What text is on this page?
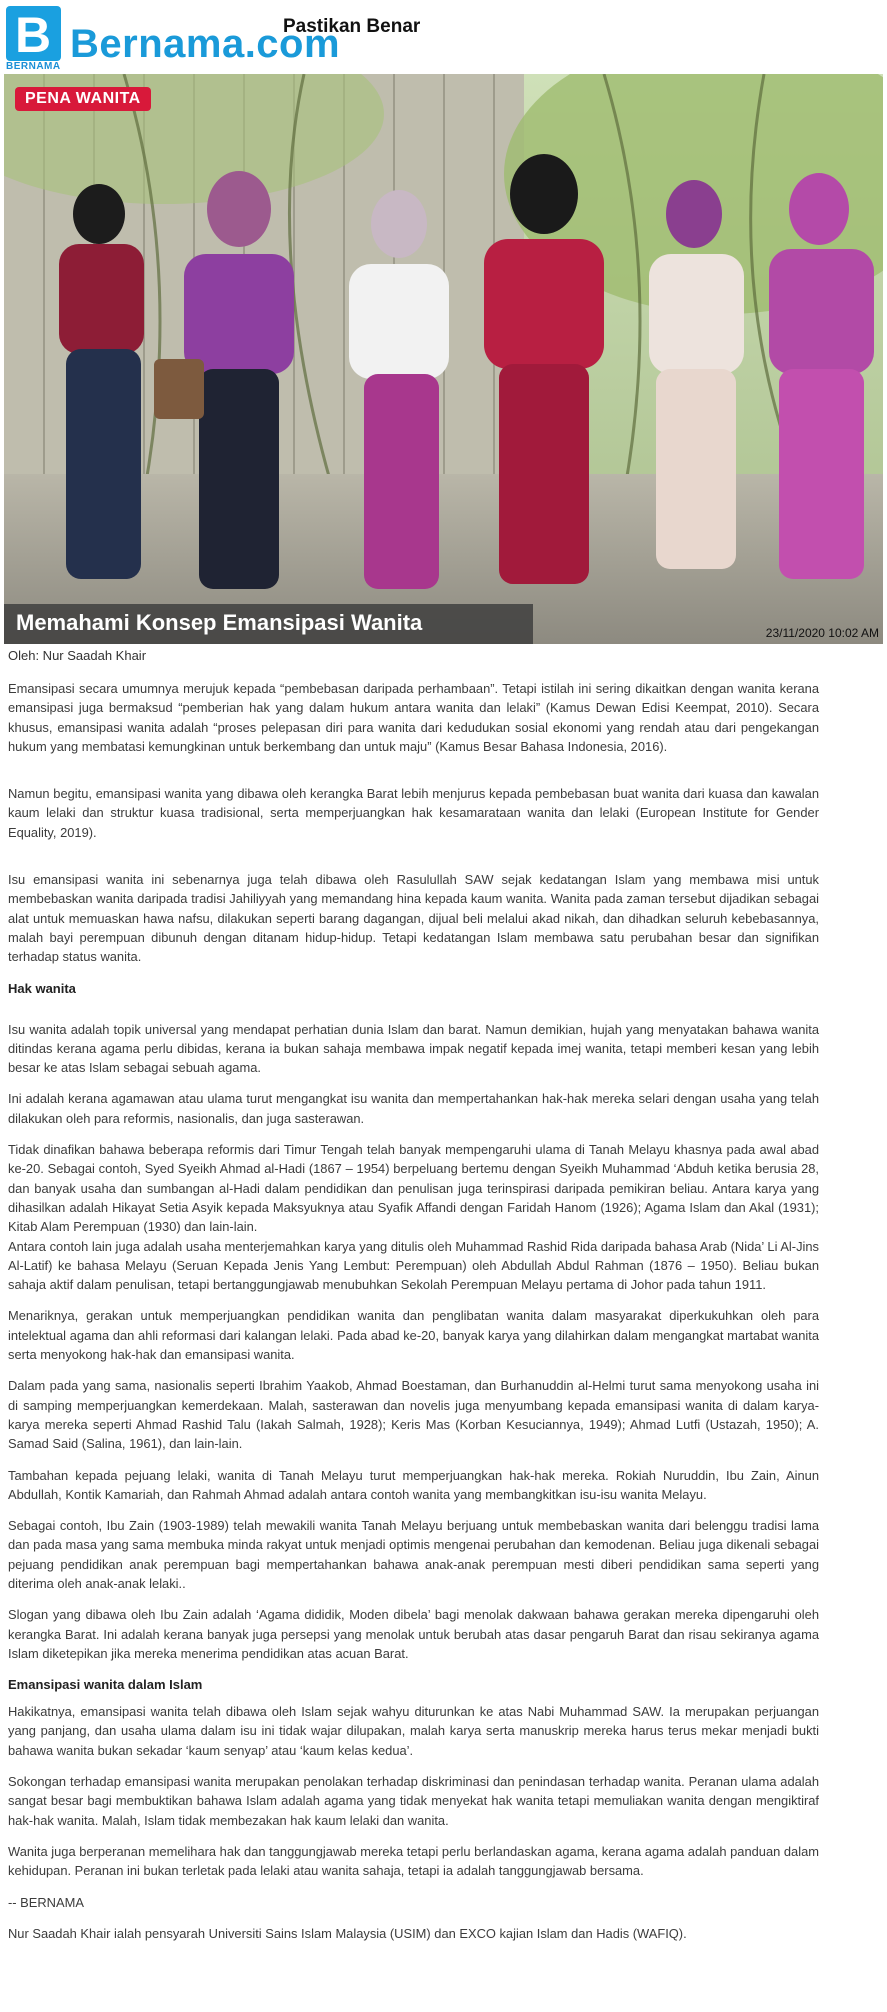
B
BERNAMA
Bernama.com
Pastikan Benar
PENA WANITA
Memahami Konsep Emansipasi Wanita	23/11/2020 10:02 AM
Oleh: Nur Saadah Khair

Emansipasi secara umumnya merujuk kepada “pembebasan daripada perhambaan”. Tetapi istilah ini sering dikaitkan dengan wanita kerana emansipasi juga bermaksud “pemberian hak yang dalam hukum antara wanita dan lelaki” (Kamus Dewan Edisi Keempat, 2010). Secara khusus, emansipasi wanita adalah “proses pelepasan diri para wanita dari kedudukan sosial ekonomi yang rendah atau dari pengekangan hukum yang membatasi kemungkinan untuk berkembang dan untuk maju” (Kamus Besar Bahasa Indonesia, 2016).

Namun begitu, emansipasi wanita yang dibawa oleh kerangka Barat lebih menjurus kepada pembebasan buat wanita dari kuasa dan kawalan kaum lelaki dan struktur kuasa tradisional, serta memperjuangkan hak kesamarataan wanita dan lelaki (European Institute for Gender Equality, 2019).

Isu emansipasi wanita ini sebenarnya juga telah dibawa oleh Rasulullah SAW sejak kedatangan Islam yang membawa misi untuk membebaskan wanita daripada tradisi Jahiliyyah yang memandang hina kepada kaum wanita. Wanita pada zaman tersebut dijadikan sebagai alat untuk memuaskan hawa nafsu, dilakukan seperti barang dagangan, dijual beli melalui akad nikah, dan dihadkan seluruh kebebasannya, malah bayi perempuan dibunuh dengan ditanam hidup-hidup. Tetapi kedatangan Islam membawa satu perubahan besar dan signifikan terhadap status wanita.

Hak wanita

Isu wanita adalah topik universal yang mendapat perhatian dunia Islam dan barat. Namun demikian, hujah yang menyatakan bahawa wanita ditindas kerana agama perlu dibidas, kerana ia bukan sahaja membawa impak negatif kepada imej wanita, tetapi memberi kesan yang lebih besar ke atas Islam sebagai sebuah agama.

Ini adalah kerana agamawan atau ulama turut mengangkat isu wanita dan mempertahankan hak-hak mereka selari dengan usaha yang telah dilakukan oleh para reformis, nasionalis, dan juga sasterawan.

Tidak dinafikan bahawa beberapa reformis dari Timur Tengah telah banyak mempengaruhi ulama di Tanah Melayu khasnya pada awal abad ke-20. Sebagai contoh, Syed Syeikh Ahmad al-Hadi (1867 – 1954) berpeluang bertemu dengan Syeikh Muhammad ‘Abduh ketika berusia 28, dan banyak usaha dan sumbangan al-Hadi dalam pendidikan dan penulisan juga terinspirasi daripada pemikiran beliau. Antara karya yang dihasilkan adalah Hikayat Setia Asyik kepada Maksyuknya atau Syafik Affandi dengan Faridah Hanom (1926); Agama Islam dan Akal (1931); Kitab Alam Perempuan (1930) dan lain-lain.

Antara contoh lain juga adalah usaha menterjemahkan karya yang ditulis oleh Muhammad Rashid Rida daripada bahasa Arab (Nida’ Li Al-Jins Al-Latif) ke bahasa Melayu (Seruan Kepada Jenis Yang Lembut: Perempuan) oleh Abdullah Abdul Rahman (1876 – 1950). Beliau bukan sahaja aktif dalam penulisan, tetapi bertanggungjawab menubuhkan Sekolah Perempuan Melayu pertama di Johor pada tahun 1911.

Menariknya, gerakan untuk memperjuangkan pendidikan wanita dan penglibatan wanita dalam masyarakat diperkukuhkan oleh para intelektual agama dan ahli reformasi dari kalangan lelaki. Pada abad ke-20, banyak karya yang dilahirkan dalam mengangkat martabat wanita serta menyokong hak-hak dan emansipasi wanita.

Dalam pada yang sama, nasionalis seperti Ibrahim Yaakob, Ahmad Boestaman, dan Burhanuddin al-Helmi turut sama menyokong usaha ini di samping memperjuangkan kemerdekaan. Malah, sasterawan dan novelis juga menyumbang kepada emansipasi wanita di dalam karya-karya mereka seperti Ahmad Rashid Talu (Iakah Salmah, 1928); Keris Mas (Korban Kesuciannya, 1949); Ahmad Lutfi (Ustazah, 1950); A. Samad Said (Salina, 1961), dan lain-lain.

Tambahan kepada pejuang lelaki, wanita di Tanah Melayu turut memperjuangkan hak-hak mereka. Rokiah Nuruddin, Ibu Zain, Ainun Abdullah, Kontik Kamariah, dan Rahmah Ahmad adalah antara contoh wanita yang membangkitkan isu-isu wanita Melayu.

Sebagai contoh, Ibu Zain (1903-1989) telah mewakili wanita Tanah Melayu berjuang untuk membebaskan wanita dari belenggu tradisi lama dan pada masa yang sama membuka minda rakyat untuk menjadi optimis mengenai perubahan dan kemodenan. Beliau juga dikenali sebagai pejuang pendidikan anak perempuan bagi mempertahankan bahawa anak-anak perempuan mesti diberi pendidikan sama seperti yang diterima oleh anak-anak lelaki..

Slogan yang dibawa oleh Ibu Zain adalah ‘Agama dididik, Moden dibela’ bagi menolak dakwaan bahawa gerakan mereka dipengaruhi oleh kerangka Barat. Ini adalah kerana banyak juga persepsi yang menolak untuk berubah atas dasar pengaruh Barat dan risau sekiranya agama Islam diketepikan jika mereka menerima pendidikan atas acuan Barat.

Emansipasi wanita dalam Islam

Hakikatnya, emansipasi wanita telah dibawa oleh Islam sejak wahyu diturunkan ke atas Nabi Muhammad SAW. Ia merupakan perjuangan yang panjang, dan usaha ulama dalam isu ini tidak wajar dilupakan, malah karya serta manuskrip mereka harus terus mekar menjadi bukti bahawa wanita bukan sekadar ‘kaum senyap’ atau ‘kaum kelas kedua’.

Sokongan terhadap emansipasi wanita merupakan penolakan terhadap diskriminasi dan penindasan terhadap wanita. Peranan ulama adalah sangat besar bagi membuktikan bahawa Islam adalah agama yang tidak menyekat hak wanita tetapi memuliakan wanita dengan mengiktiraf hak-hak wanita. Malah, Islam tidak membezakan hak kaum lelaki dan wanita.

Wanita juga berperanan memelihara hak dan tanggungjawab mereka tetapi perlu berlandaskan agama, kerana agama adalah panduan dalam kehidupan. Peranan ini bukan terletak pada lelaki atau wanita sahaja, tetapi ia adalah tanggungjawab bersama.

-- BERNAMA

Nur Saadah Khair ialah pensyarah Universiti Sains Islam Malaysia (USIM) dan EXCO kajian Islam dan Hadis (WAFIQ).
